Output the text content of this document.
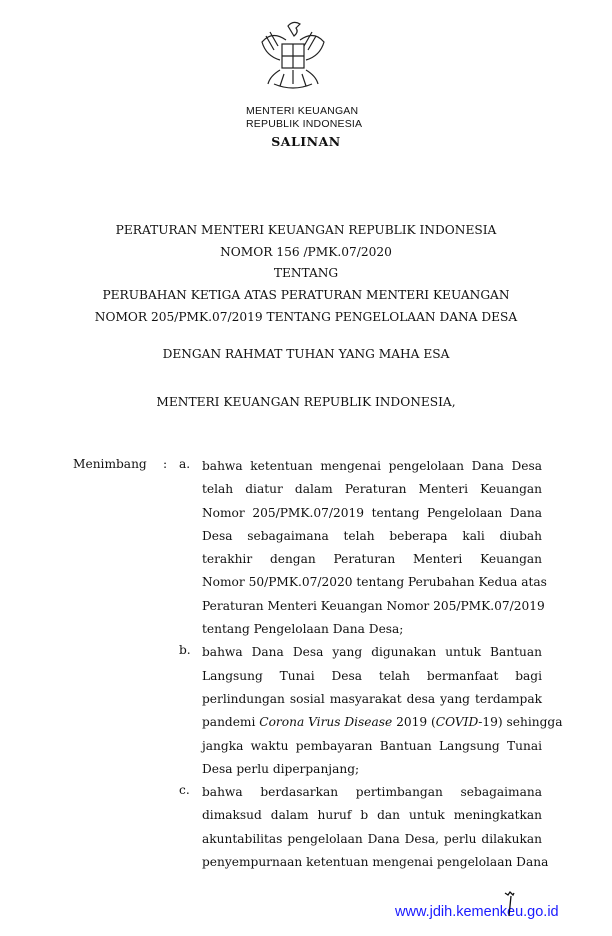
MENTERI KEUANGAN
REPUBLIK INDONESIA
SALINAN
PERATURAN MENTERI KEUANGAN REPUBLIK INDONESIA
NOMOR 156 /PMK.07/2020
TENTANG
PERUBAHAN KETIGA ATAS PERATURAN MENTERI KEUANGAN
NOMOR 205/PMK.07/2019 TENTANG PENGELOLAAN DANA DESA
DENGAN RAHMAT TUHAN YANG MAHA ESA
MENTERI KEUANGAN REPUBLIK INDONESIA,
Menimbang : a. bahwa ketentuan mengenai pengelolaan Dana Desa
telah diatur dalam Peraturan Menteri Keuangan
Nomor 205/PMK.07/2019 tentang Pengelolaan Dana
Desa sebagaimana telah beberapa kali diubah
terakhir dengan Peraturan Menteri Keuangan
Nomor 50/PMK.07/2020 tentang Perubahan Kedua atas
Peraturan Menteri Keuangan Nomor 205/PMK.07/2019
tentang Pengelolaan Dana Desa;
b. bahwa Dana Desa yang digunakan untuk Bantuan
Langsung Tunai Desa telah bermanfaat bagi
perlindungan sosial masyarakat desa yang terdampak
pandemi Corona Virus Disease 2019 (COVID-19) sehingga
jangka waktu pembayaran Bantuan Langsung Tunai
Desa perlu diperpanjang;
c. bahwa berdasarkan pertimbangan sebagaimana
dimaksud dalam huruf b dan untuk meningkatkan
akuntabilitas pengelolaan Dana Desa, perlu dilakukan
penyempurnaan ketentuan mengenai pengelolaan Dana
www.jdih.kemenkeu.go.id
